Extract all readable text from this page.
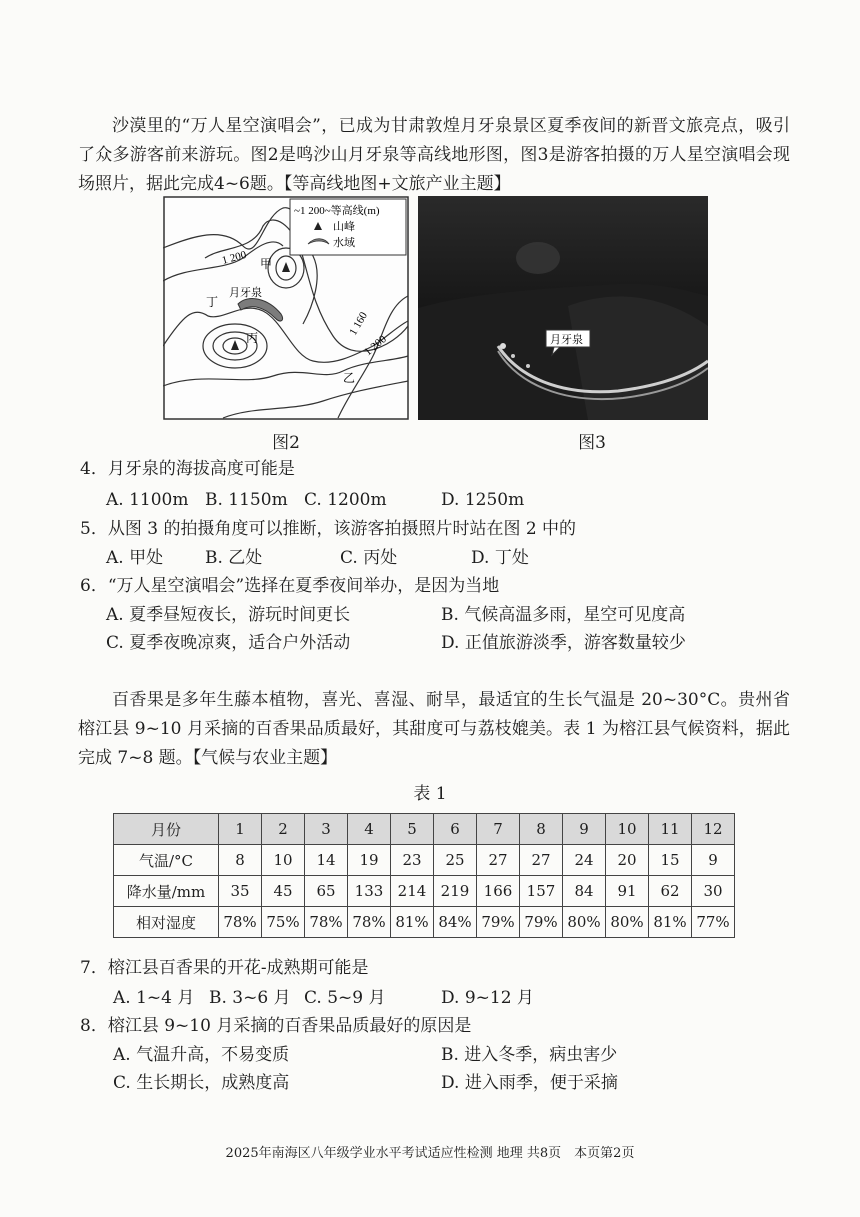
沙漠里的“万人星空演唱会”，已成为甘肃敦煌月牙泉景区夏季夜间的新晋文旅亮点，吸引了众多游客前来游玩。图2是鸣沙山月牙泉等高线地形图，图3是游客拍摄的万人星空演唱会现场照片，据此完成4~6题。【等高线地图+文旅产业主题】

~1 200~等高线(m)
山峰
水域
1 200 甲
月牙泉
丁
丙
1 160
1 200
乙
图2
月牙泉
图3
4．月牙泉的海拔高度可能是
A. 1100m B. 1150m C. 1200m	D. 1250m
5．从图 3 的拍摄角度可以推断，该游客拍摄照片时站在图 2 中的
A. 甲处 B. 乙处	C. 丙处	D. 丁处
6．“万人星空演唱会”选择在夏季夜间举办，是因为当地
A. 夏季昼短夜长，游玩时间更长	B. 气候高温多雨，星空可见度高
C. 夏季夜晚凉爽，适合户外活动	D. 正值旅游淡季，游客数量较少

百香果是多年生藤本植物，喜光、喜湿、耐旱，最适宜的生长气温是 20~30°C。贵州省榕江县 9~10 月采摘的百香果品质最好，其甜度可与荔枝媲美。表 1 为榕江县气候资料，据此完成 7~8 题。【气候与农业主题】

表 1
月份	1	2	3	4	5	6	7	8	9	10	11	12
气温/°C	8	10	14	19	23	25	27	27	24	20	15	9
降水量/mm	35	45	65	133	214	219	166	157	84	91	62	30
相对湿度	78%	75%	78%	78%	81%	84%	79%	79%	80%	80%	81%	77%
7．榕江县百香果的开花-成熟期可能是
A. 1~4 月 B. 3~6 月 C. 5~9 月	D. 9~12 月
8．榕江县 9~10 月采摘的百香果品质最好的原因是
A. 气温升高，不易变质	B. 进入冬季，病虫害少
C. 生长期长，成熟度高	D. 进入雨季，便于采摘
2025年南海区八年级学业水平考试适应性检测 地理 共8页　本页第2页
